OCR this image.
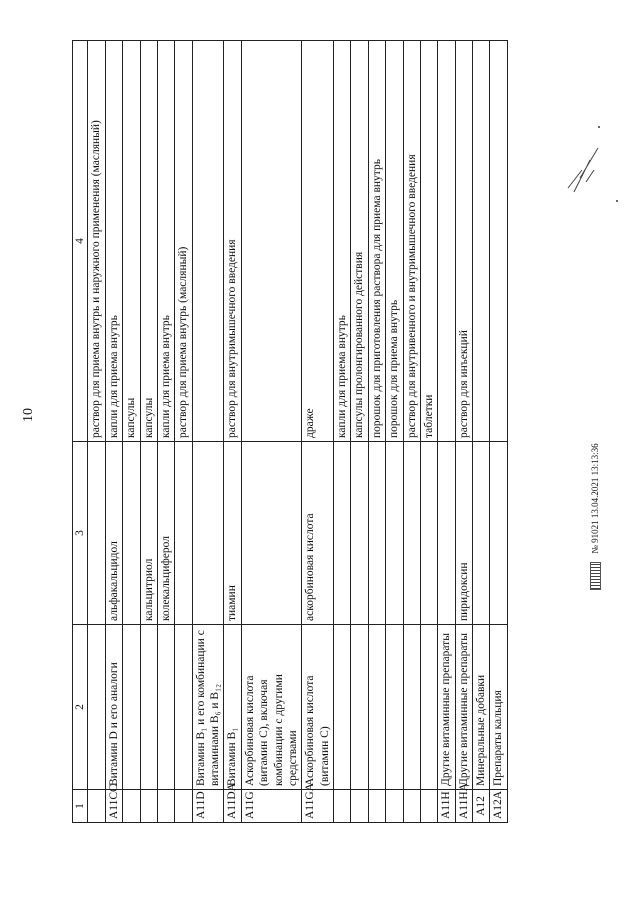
10
1	2	3	4
			раствор для приема внутрь и наружного применения (масляный)
A11CC	Витамин D и его аналоги	альфакальцидол	капли для приема внутрь
			капсулы
		кальцитриол	капсулы
		колекальциферол	капли для приема внутрь
			раствор для приема внутрь (масляный)
A11D	Витамин B₁ и его комбинации с витаминами B₆ и B₁₂		
A11DA	Витамин B₁	тиамин	раствор для внутримышечного введения
A11G	Аскорбиновая кислота (витамин C), включая комбинации с другими средствами		
A11GA	Аскорбиновая кислота (витамин C)	аскорбиновая кислота	драже
			капли для приема внутрь
			капсулы пролонгированного действия
			порошок для приготовления раствора для приема внутрь
			порошок для приема внутрь
			раствор для внутривенного и внутримышечного введения
			таблетки
A11H	Другие витаминные препараты		
A11HA	Другие витаминные препараты	пиридоксин	раствор для инъекций
A12	Минеральные добавки		
A12A	Препараты кальция		
№ 91021 13.04.2021 13:13:36
